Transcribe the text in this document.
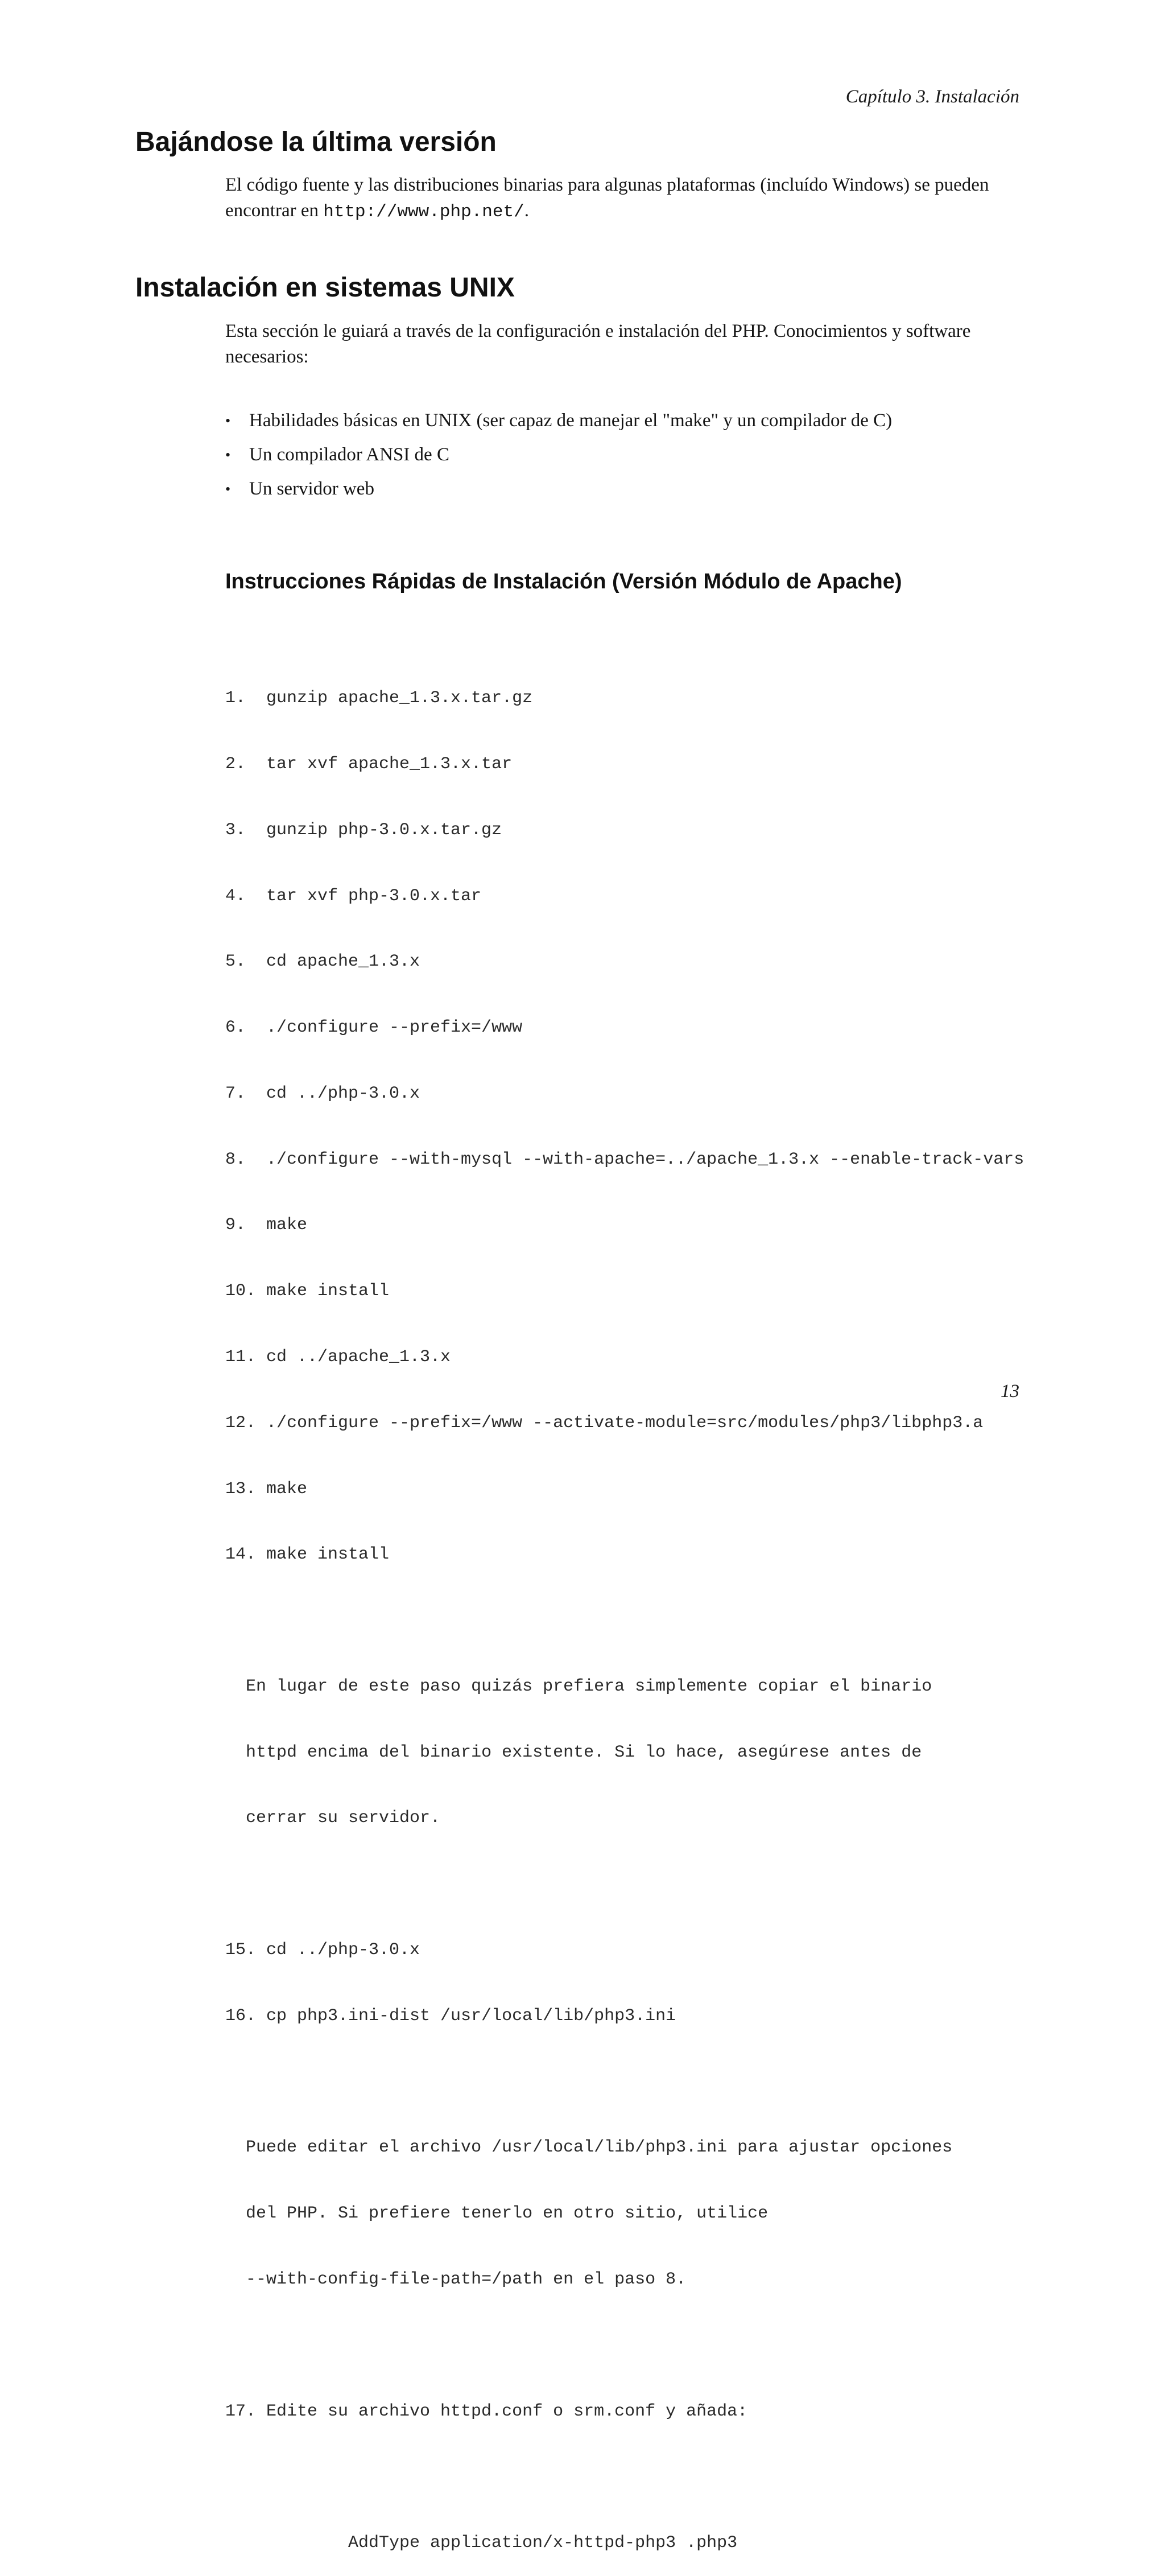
Capítulo 3. Instalación
Bajándose la última versión

El código fuente y las distribuciones binarias para algunas plataformas (incluído Windows) se pueden
encontrar en http://www.php.net/.

Instalación en sistemas UNIX

Esta sección le guiará a través de la configuración e instalación del PHP. Conocimientos y software
necesarios:

• Habilidades básicas en UNIX (ser capaz de manejar el "make" y un compilador de C)
• Un compilador ANSI de C
• Un servidor web
Instrucciones Rápidas de Instalación (Versión Módulo de Apache)

1. gunzip apache_1.3.x.tar.gz

2. tar xvf apache_1.3.x.tar

3. gunzip php-3.0.x.tar.gz

4. tar xvf php-3.0.x.tar

5. cd apache_1.3.x

6. ./configure --prefix=/www

7. cd ../php-3.0.x

8. ./configure --with-mysql --with-apache=../apache_1.3.x --enable-track-vars

9. make

10. make install

11. cd ../apache_1.3.x

12. ./configure --prefix=/www --activate-module=src/modules/php3/libphp3.a

13. make

14. make install

En lugar de este paso quizás prefiera simplemente copiar el binario

httpd encima del binario existente. Si lo hace, asegúrese antes de

cerrar su servidor.

15. cd ../php-3.0.x

16. cp php3.ini-dist /usr/local/lib/php3.ini

Puede editar el archivo /usr/local/lib/php3.ini para ajustar opciones

del PHP. Si prefiere tenerlo en otro sitio, utilice

--with-config-file-path=/path en el paso 8.

17. Edite su archivo httpd.conf o srm.conf y añada:

AddType application/x-httpd-php3 .php3

13
